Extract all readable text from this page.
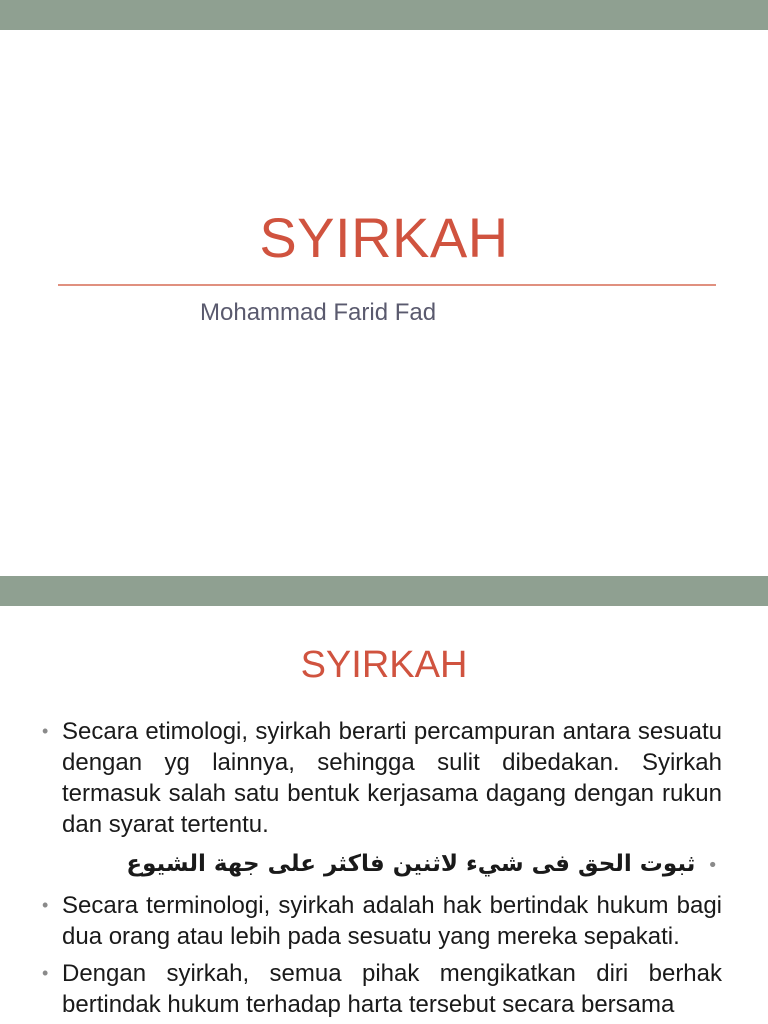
SYIRKAH
Mohammad Farid Fad
SYIRKAH
• Secara etimologi, syirkah berarti percampuran antara sesuatu dengan yg lainnya, sehingga sulit dibedakan. Syirkah termasuk salah satu bentuk kerjasama dagang dengan rukun dan syarat tertentu.
• ثبوت الحق فى شيء لاثنين فاكثر على جهة الشيوع
• Secara terminologi, syirkah adalah hak bertindak hukum bagi dua orang atau lebih pada sesuatu yang mereka sepakati.
• Dengan syirkah, semua pihak mengikatkan diri berhak bertindak hukum terhadap harta tersebut secara bersama
